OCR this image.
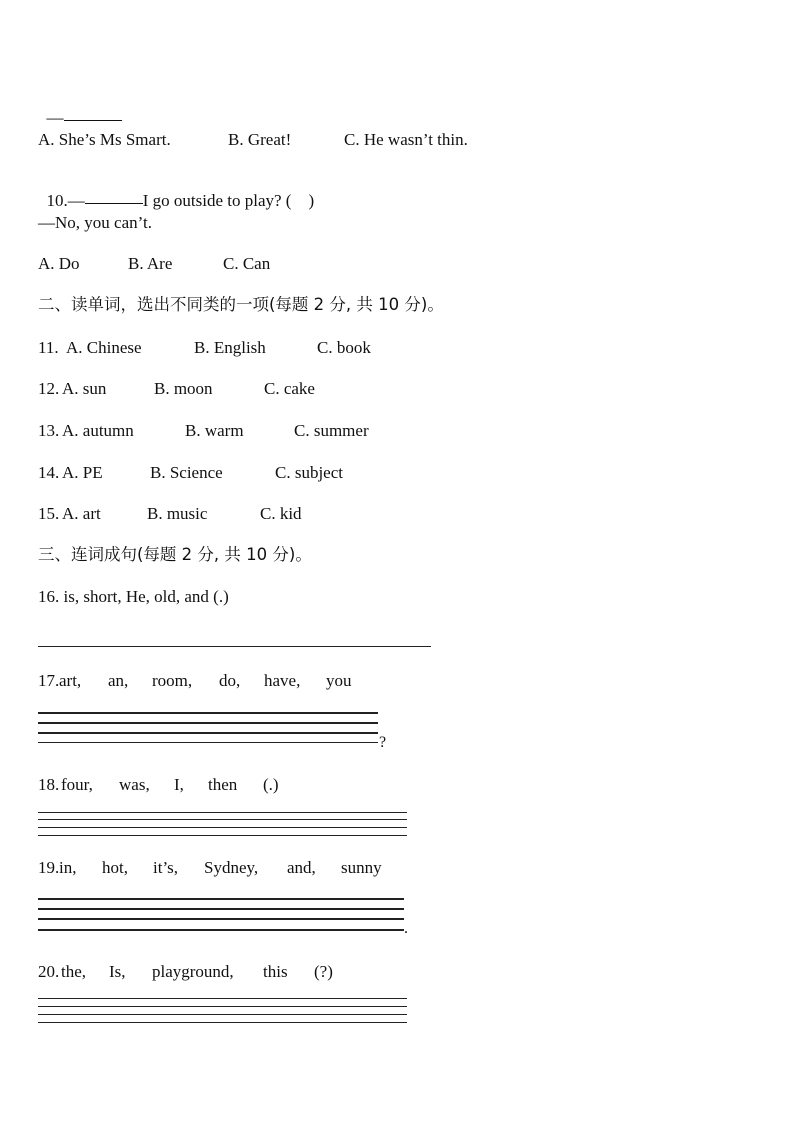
—

A. She’s Ms Smart.

	B. Great!

	C. He wasn’t thin.

10.—	I go outside to play? (    )

—No, you can’t.

A. Do

	B. Are

	C. Can

二、读单词，选出不同类的一项(每题 2 分, 共 10 分)。

11.

A. Chinese

	B. English

	C. book

12.

A. sun

	B. moon

	C. cake

13.

A. autumn

	B. warm

	C. summer

14.

A. PE

	B. Science

	C. subject

15.

A. art

	B. music

	C. kid

三、连词成句(每题 2 分, 共 10 分)。
16. is, short, He, old, and (.)

17.

art,

an,

room,

do,

have,

you

?

18.

four,

was,

I,

then

(.)

19.

in,

hot,

it’s,

Sydney,

and,

sunny

.

20.

the,

Is,

playground,

this

(?)
